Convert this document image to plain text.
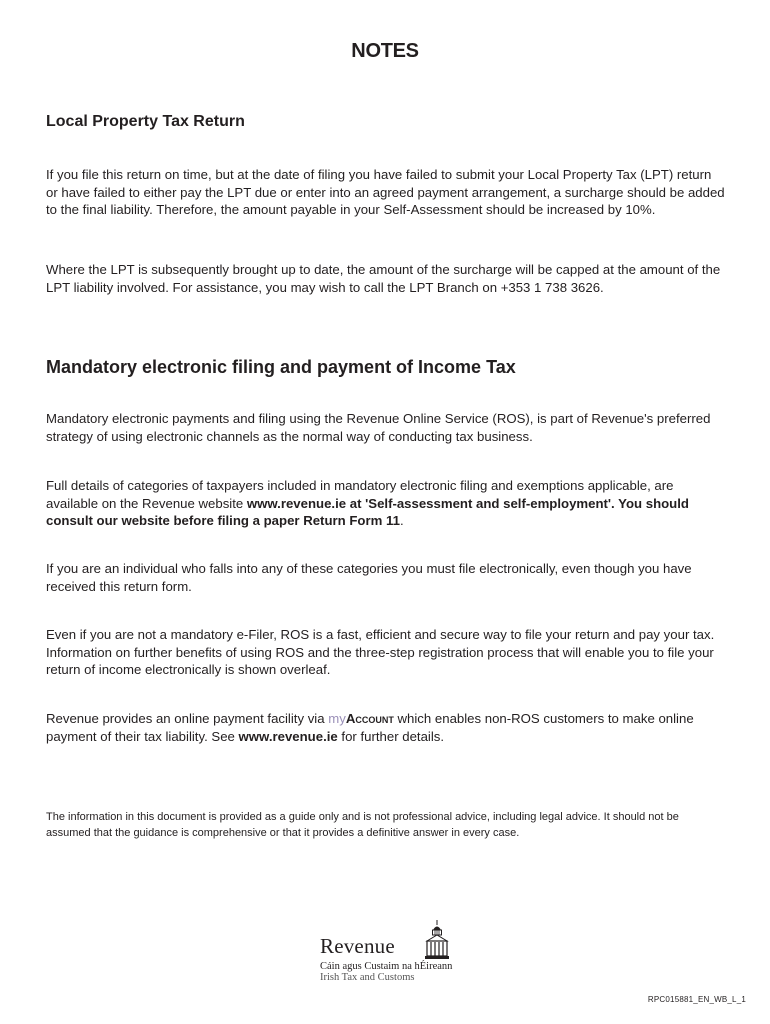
NOTES
Local Property Tax Return

If you file this return on time, but at the date of filing you have failed to submit your Local Property Tax (LPT) return or have failed to either pay the LPT due or enter into an agreed payment arrangement, a surcharge should be added to the final liability. Therefore, the amount payable in your Self-Assessment should be increased by 10%.

Where the LPT is subsequently brought up to date, the amount of the surcharge will be capped at the amount of the LPT liability involved. For assistance, you may wish to call the LPT Branch on +353 1 738 3626.

Mandatory electronic filing and payment of Income Tax

Mandatory electronic payments and filing using the Revenue Online Service (ROS), is part of Revenue's preferred strategy of using electronic channels as the normal way of conducting tax business.

Full details of categories of taxpayers included in mandatory electronic filing and exemptions applicable, are available on the Revenue website www.revenue.ie at 'Self-assessment and self-employment'. You should consult our website before filing a paper Return Form 11.

If you are an individual who falls into any of these categories you must file electronically, even though you have received this return form.

Even if you are not a mandatory e-Filer, ROS is a fast, efficient and secure way to file your return and pay your tax. Information on further benefits of using ROS and the three-step registration process that will enable you to file your return of income electronically is shown overleaf.

Revenue provides an online payment facility via myAccount which enables non-ROS customers to make online payment of their tax liability. See www.revenue.ie for further details.

The information in this document is provided as a guide only and is not professional advice, including legal advice. It should not be assumed that the guidance is comprehensive or that it provides a definitive answer in every case.

Revenue
Cáin agus Custaim na hÉireann
Irish Tax and Customs
RPC015881_EN_WB_L_1
